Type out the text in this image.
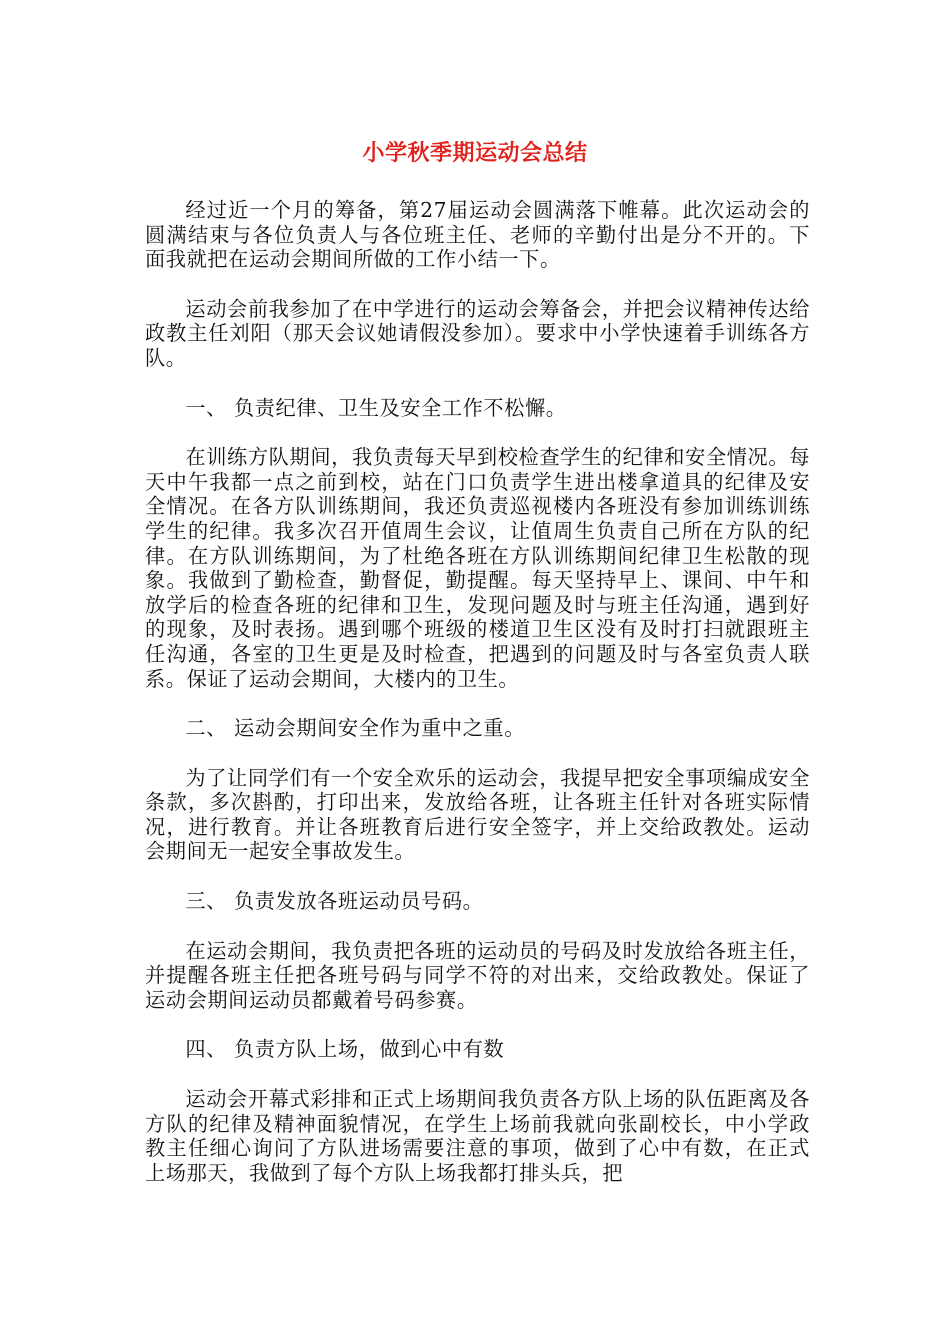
小学秋季期运动会总结

经过近一个月的筹备，第27届运动会圆满落下帷幕。此次运动会的圆满结束与各位负责人与各位班主任、老师的辛勤付出是分不开的。下面我就把在运动会期间所做的工作小结一下。

运动会前我参加了在中学进行的运动会筹备会，并把会议精神传达给政教主任刘阳（那天会议她请假没参加）。要求中小学快速着手训练各方队。

一、 负责纪律、卫生及安全工作不松懈。

在训练方队期间，我负责每天早到校检查学生的纪律和安全情况。每天中午我都一点之前到校，站在门口负责学生进出楼拿道具的纪律及安全情况。在各方队训练期间，我还负责巡视楼内各班没有参加训练训练学生的纪律。我多次召开值周生会议，让值周生负责自己所在方队的纪律。在方队训练期间，为了杜绝各班在方队训练期间纪律卫生松散的现象。我做到了勤检查，勤督促，勤提醒。每天坚持早上、课间、中午和放学后的检查各班的纪律和卫生，发现问题及时与班主任沟通，遇到好的现象，及时表扬。遇到哪个班级的楼道卫生区没有及时打扫就跟班主任沟通，各室的卫生更是及时检查，把遇到的问题及时与各室负责人联系。保证了运动会期间，大楼内的卫生。

二、 运动会期间安全作为重中之重。

为了让同学们有一个安全欢乐的运动会，我提早把安全事项编成安全条款，多次斟酌，打印出来，发放给各班，让各班主任针对各班实际情况，进行教育。并让各班教育后进行安全签字，并上交给政教处。运动会期间无一起安全事故发生。

三、 负责发放各班运动员号码。

在运动会期间，我负责把各班的运动员的号码及时发放给各班主任，并提醒各班主任把各班号码与同学不符的对出来，交给政教处。保证了运动会期间运动员都戴着号码参赛。

四、 负责方队上场，做到心中有数

运动会开幕式彩排和正式上场期间我负责各方队上场的队伍距离及各方队的纪律及精神面貌情况，在学生上场前我就向张副校长，中小学政教主任细心询问了方队进场需要注意的事项，做到了心中有数，在正式上场那天，我做到了每个方队上场我都打排头兵，把
